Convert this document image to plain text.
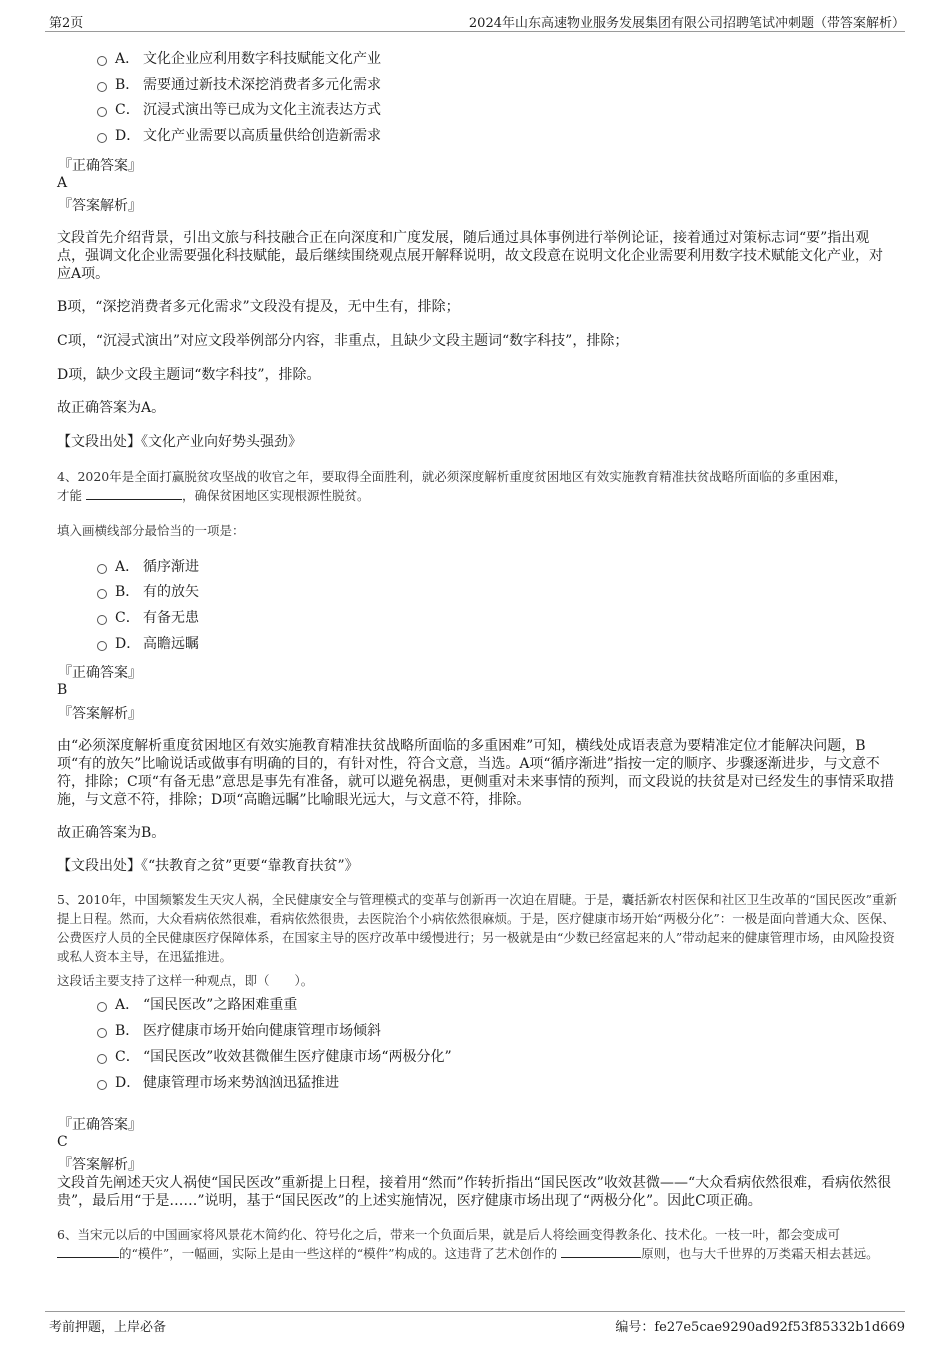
第2页	2024年山东高速物业服务发展集团有限公司招聘笔试冲刺题（带答案解析）
A． 文化企业应利用数字科技赋能文化产业
B． 需要通过新技术深挖消费者多元化需求
C． 沉浸式演出等已成为文化主流表达方式
D． 文化产业需要以高质量供给创造新需求
『正确答案』
A
『答案解析』
文段首先介绍背景，引出文旅与科技融合正在向深度和广度发展，随后通过具体事例进行举例论证，接着通过对策标志词“要”指出观点，强调文化企业需要强化科技赋能，最后继续围绕观点展开解释说明，故文段意在说明文化企业需要利用数字技术赋能文化产业，对应A项。
B项，“深挖消费者多元化需求”文段没有提及，无中生有，排除；
C项，“沉浸式演出”对应文段举例部分内容，非重点，且缺少文段主题词“数字科技”，排除；
D项，缺少文段主题词“数字科技”，排除。
故正确答案为A。
【文段出处】《文化产业向好势头强劲》
4、2020年是全面打赢脱贫攻坚战的收官之年，要取得全面胜利，就必须深度解析重度贫困地区有效实施教育精准扶贫战略所面临的多重困难，
才能	，确保贫困地区实现根源性脱贫。
填入画横线部分最恰当的一项是：
A． 循序渐进
B． 有的放矢
C． 有备无患
D． 高瞻远瞩
『正确答案』
B
『答案解析』
由“必须深度解析重度贫困地区有效实施教育精准扶贫战略所面临的多重困难”可知，横线处成语表意为要精准定位才能解决问题，B项“有的放矢”比喻说话或做事有明确的目的，有针对性，符合文意，当选。A项“循序渐进”指按一定的顺序、步骤逐渐进步，与文意不符，排除；C项“有备无患”意思是事先有准备，就可以避免祸患，更侧重对未来事情的预判，而文段说的扶贫是对已经发生的事情采取措施，与文意不符，排除；D项“高瞻远瞩”比喻眼光远大，与文意不符，排除。
故正确答案为B。
【文段出处】《“扶教育之贫”更要“靠教育扶贫”》
5、2010年，中国频繁发生天灾人祸，全民健康安全与管理模式的变革与创新再一次迫在眉睫。于是，囊括新农村医保和社区卫生改革的“国民医改”重新提上日程。然而，大众看病依然很难，看病依然很贵，去医院治个小病依然很麻烦。于是，医疗健康市场开始“两极分化”：一极是面向普通大众、医保、公费医疗人员的全民健康医疗保障体系，在国家主导的医疗改革中缓慢进行；另一极就是由“少数已经富起来的人”带动起来的健康管理市场，由风险投资或私人资本主导，在迅猛推进。
这段话主要支持了这样一种观点，即（　　）。
A． “国民医改”之路困难重重
B． 医疗健康市场开始向健康管理市场倾斜
C． “国民医改”收效甚微催生医疗健康市场“两极分化”
D． 健康管理市场来势汹汹迅猛推进
『正确答案』
C
『答案解析』
文段首先阐述天灾人祸使“国民医改”重新提上日程，接着用“然而”作转折指出“国民医改”收效甚微——“大众看病依然很难，看病依然很贵”，最后用“于是……”说明，基于“国民医改”的上述实施情况，医疗健康市场出现了“两极分化”。因此C项正确。
6、当宋元以后的中国画家将风景花木简约化、符号化之后，带来一个负面后果，就是后人将绘画变得教条化、技术化。一枝一叶，都会变成可
的“模件”，一幅画，实际上是由一些这样的“模件”构成的。这违背了艺术创作的	原则，也与大千世界的万类霜天相去甚远。
考前押题，上岸必备	编号：fe27e5cae9290ad92f53f85332b1d669
